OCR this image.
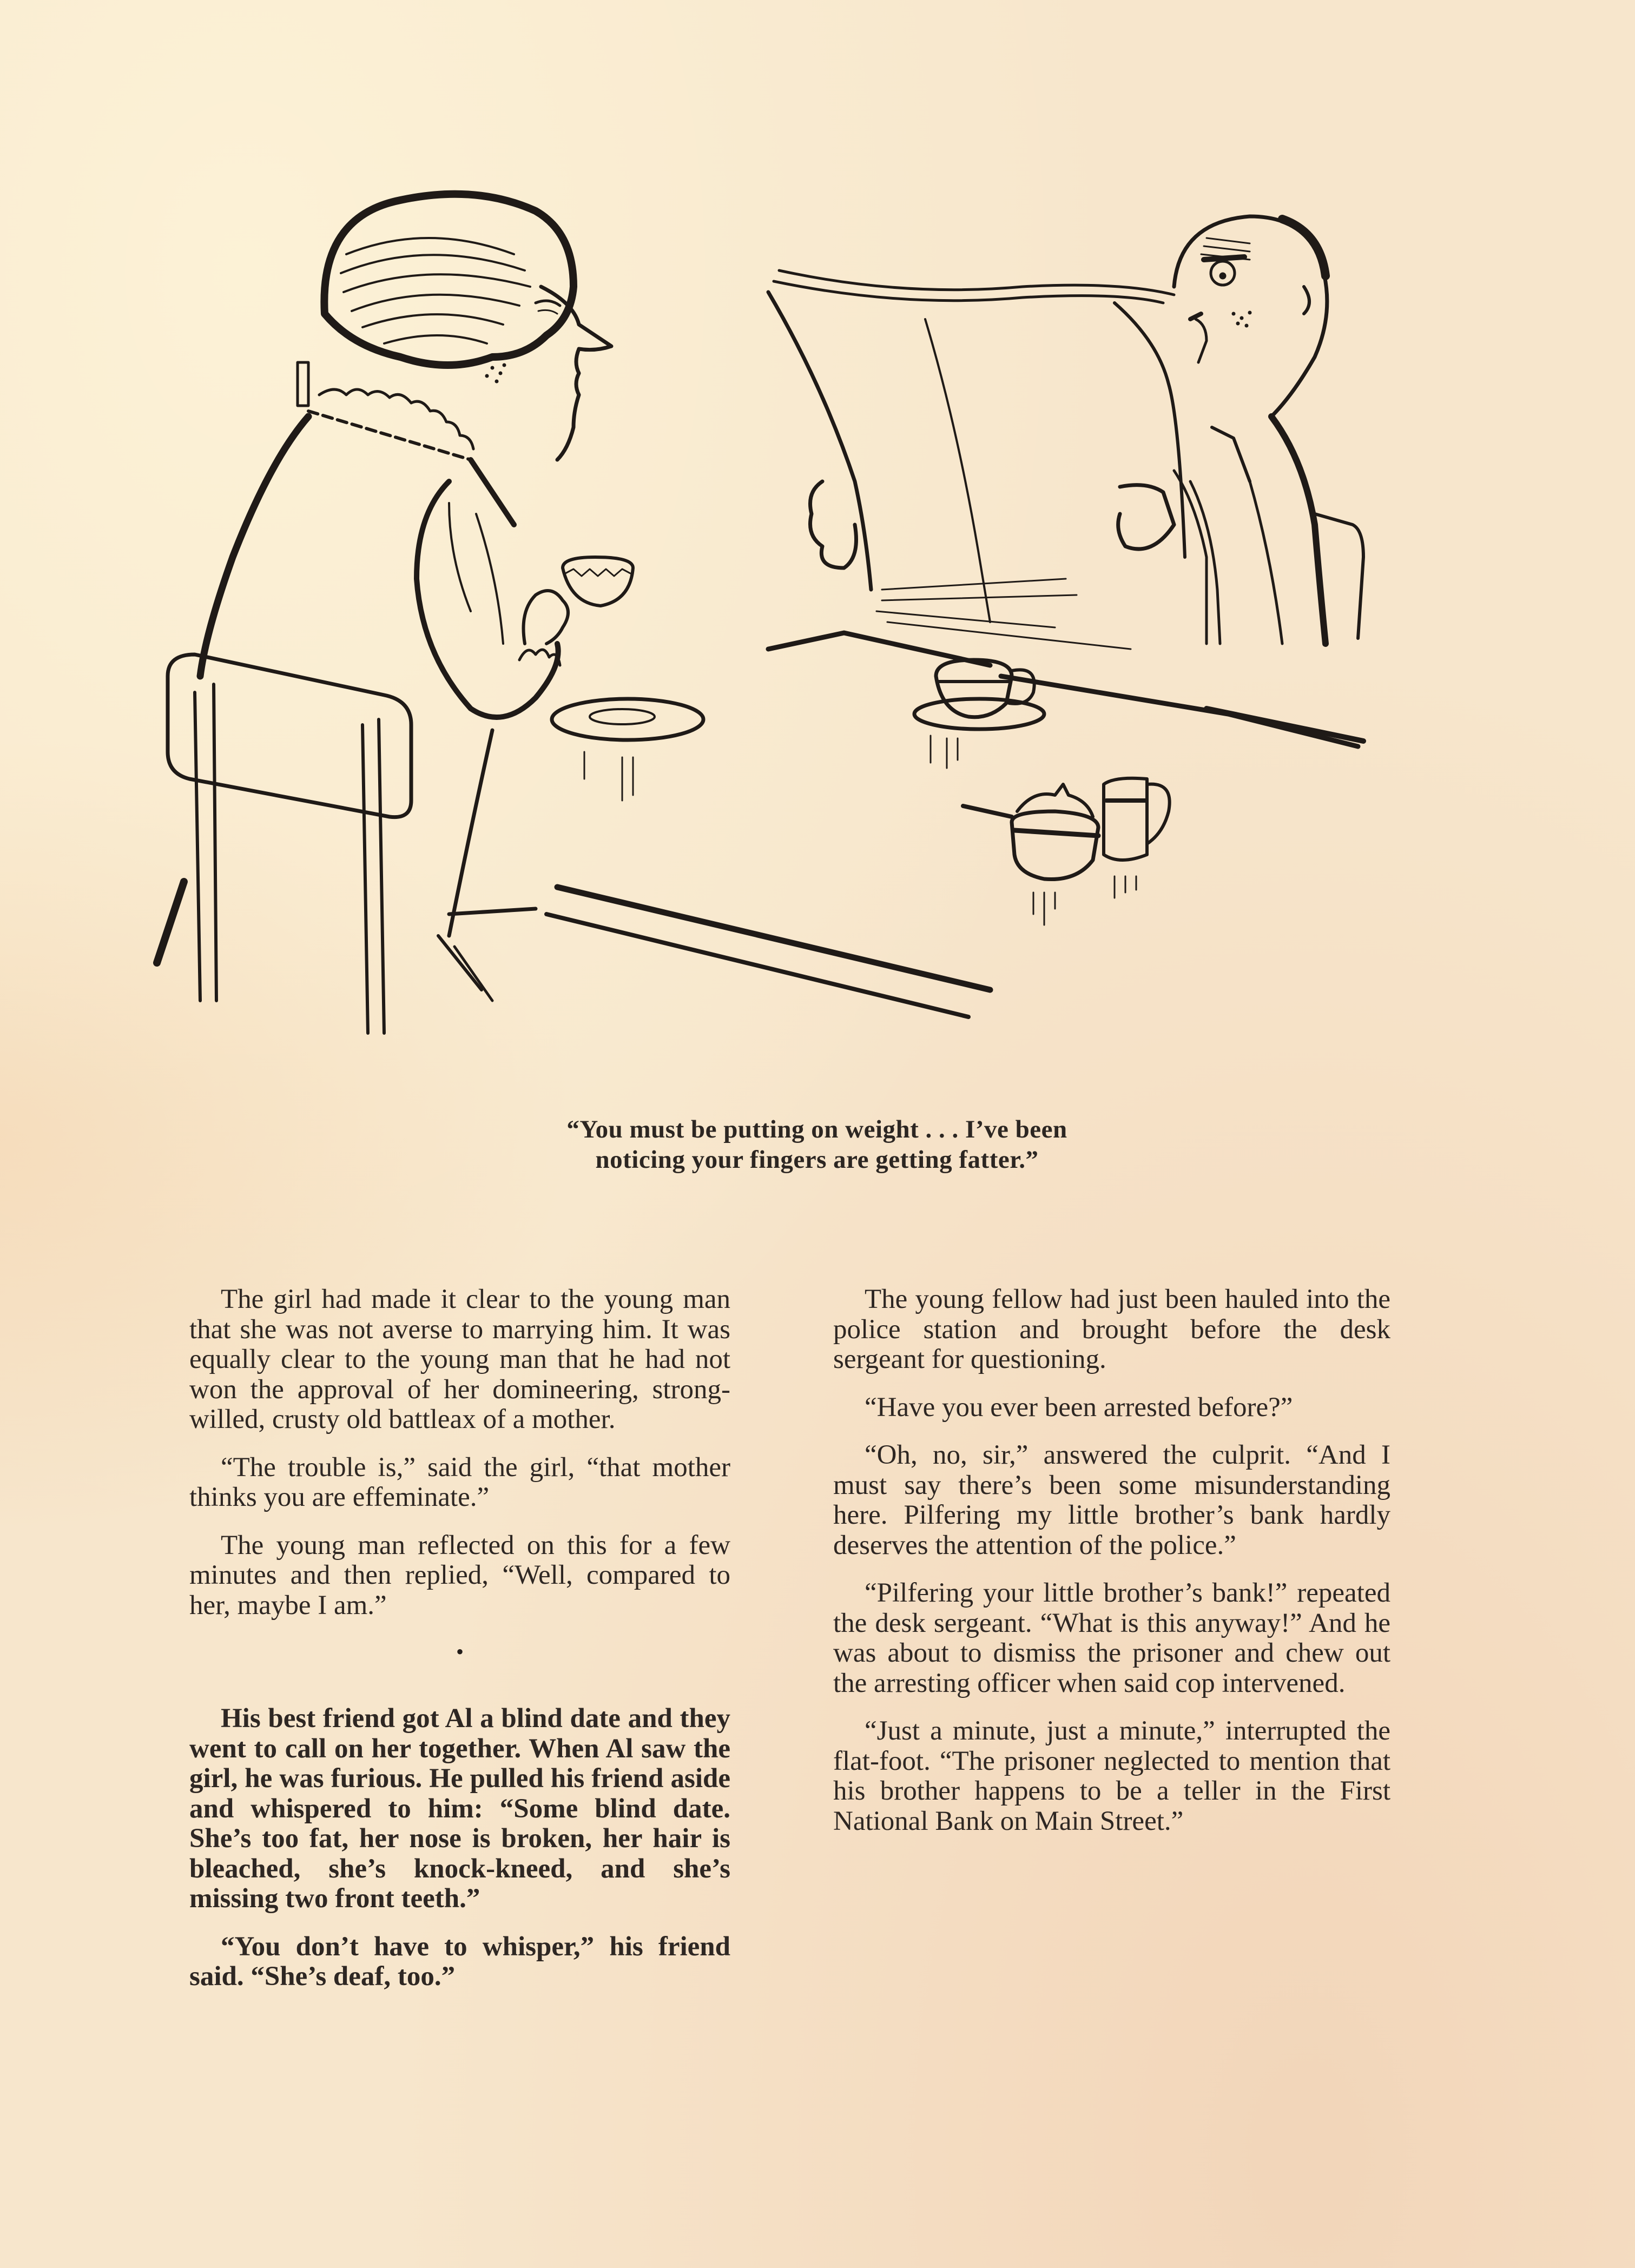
“You must be putting on weight . . . I’ve been
noticing your fingers are getting fatter.”

The girl had made it clear to the young man that she was not averse to marrying him. It was equally clear to the young man that he had not won the approval of her domineering, strong-willed, crusty old battleax of a mother.

“The trouble is,” said the girl, “that mother thinks you are effeminate.”

The young man reflected on this for a few minutes and then replied, “Well, compared to her, maybe I am.”

•

His best friend got Al a blind date and they went to call on her together. When Al saw the girl, he was furious. He pulled his friend aside and whispered to him: “Some blind date. She’s too fat, her nose is broken, her hair is bleached, she’s knock-kneed, and she’s missing two front teeth.”

“You don’t have to whisper,” his friend said. “She’s deaf, too.”

The young fellow had just been hauled into the police station and brought before the desk sergeant for questioning.

“Have you ever been arrested before?”

“Oh, no, sir,” answered the culprit. “And I must say there’s been some misunderstanding here. Pilfering my little brother’s bank hardly deserves the attention of the police.”

“Pilfering your little brother’s bank!” repeated the desk sergeant. “What is this anyway!” And he was about to dismiss the prisoner and chew out the arresting officer when said cop intervened.

“Just a minute, just a minute,” interrupted the flat-foot. “The prisoner neglected to mention that his brother happens to be a teller in the First National Bank on Main Street.”
